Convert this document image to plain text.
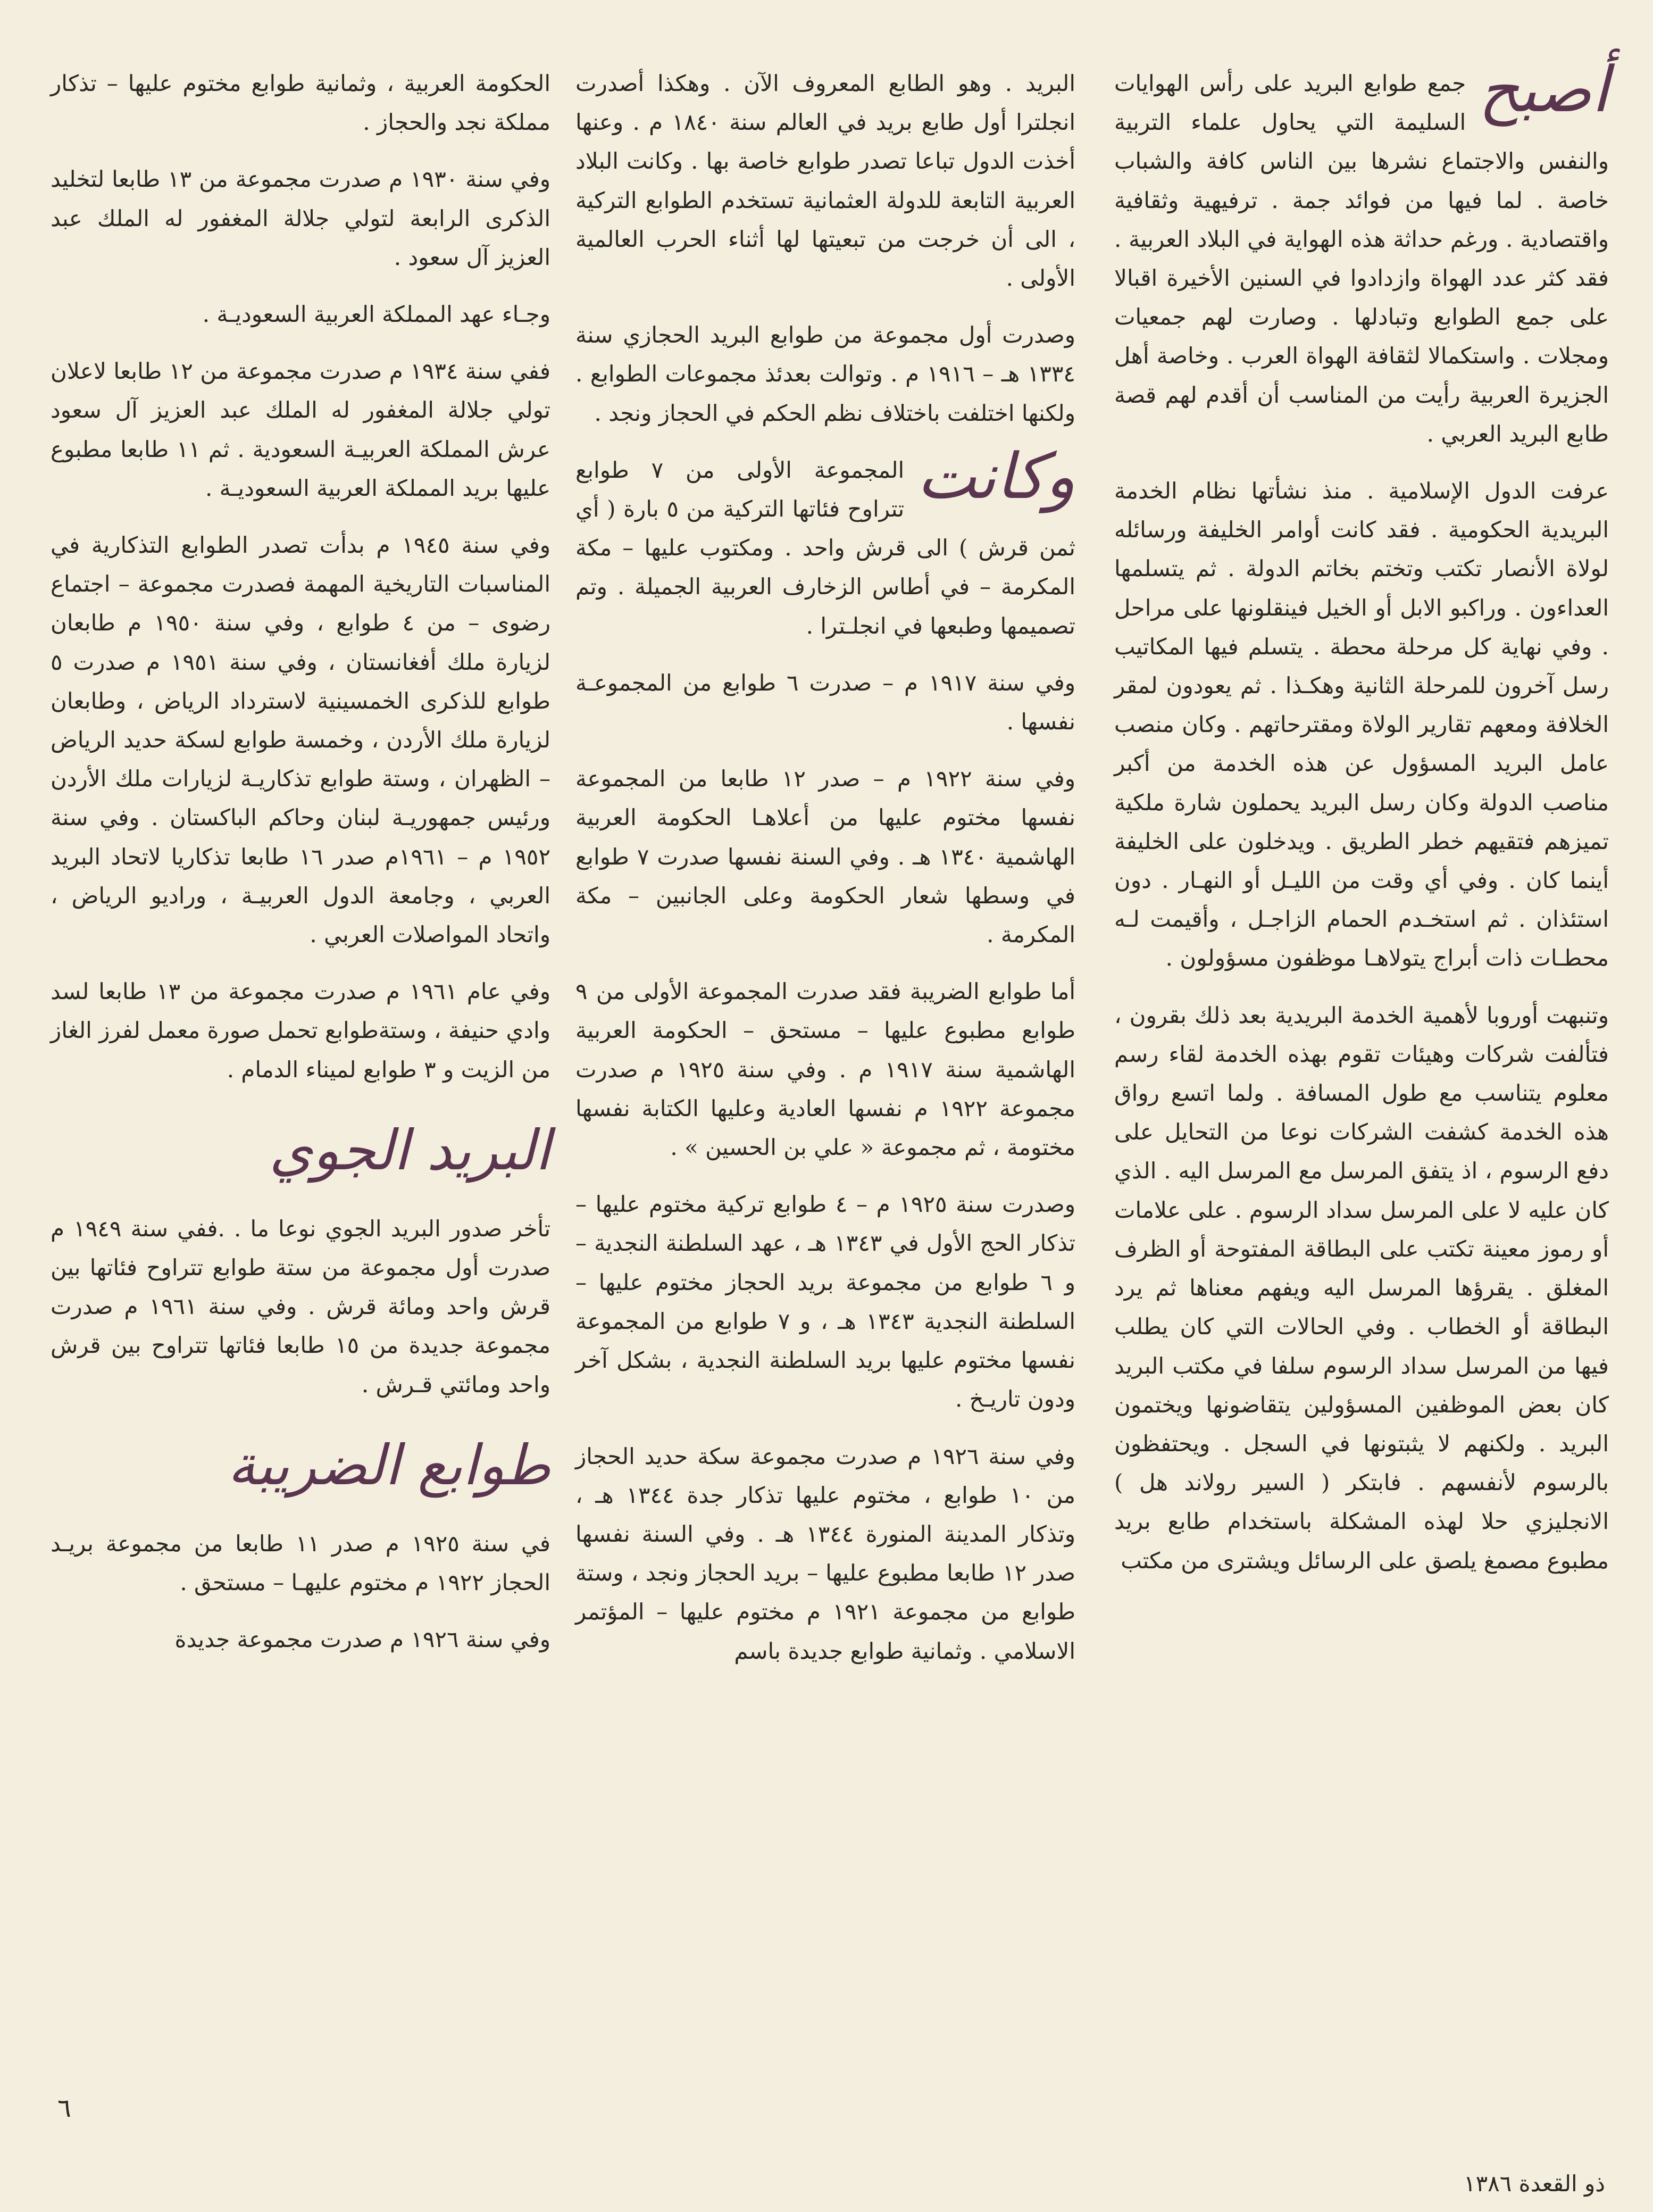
أصبح
جمع طوابع البريد على رأس الهوايات السليمة التي يحاول علماء التربية والنفس والاجتماع نشرها بين الناس كافة والشباب خاصة . لما فيها من فوائد جمة . ترفيهية وثقافية واقتصادية . ورغم حداثة هذه الهواية في البلاد العربية . فقد كثر عدد الهواة وازدادوا في السنين الأخيرة اقبالا على جمع الطوابع وتبادلها . وصارت لهم جمعيات ومجلات . واستكمالا لثقافة الهواة العرب . وخاصة أهل الجزيرة العربية رأيت من المناسب أن أقدم لهم قصة طابع البريد العربي .

عرفت الدول الإسلامية . منذ نشأتها نظام الخدمة البريدية الحكومية . فقد كانت أوامر الخليفة ورسائله لولاة الأنصار تكتب وتختم بخاتم الدولة . ثم يتسلمها العداءون . وراكبو الابل أو الخيل فينقلونها على مراحل . وفي نهاية كل مرحلة محطة . يتسلم فيها المكاتيب رسل آخرون للمرحلة الثانية وهكـذا . ثم يعودون لمقر الخلافة ومعهم تقارير الولاة ومقترحاتهم . وكان منصب عامل البريد المسؤول عن هذه الخدمة من أكبر مناصب الدولة وكان رسل البريد يحملون شارة ملكية تميزهم فتقيهم خطر الطريق . ويدخلون على الخليفة أينما كان . وفي أي وقت من الليـل أو النهـار . دون استئذان . ثم استخـدم الحمام الزاجـل ، وأقيمت لـه محطـات ذات أبراج يتولاهـا موظفون مسؤولون .

وتنبهت أوروبا لأهمية الخدمة البريدية بعد ذلك بقرون ، فتألفت شركات وهيئات تقوم بهذه الخدمة لقاء رسم معلوم يتناسب مع طول المسافة . ولما اتسع رواق هذه الخدمة كشفت الشركات نوعا من التحايل على دفع الرسوم ، اذ يتفق المرسل مع المرسل اليه . الذي كان عليه لا على المرسل سداد الرسوم . على علامات أو رموز معينة تكتب على البطاقة المفتوحة أو الظرف المغلق . يقرؤها المرسل اليه ويفهم معناها ثم يرد البطاقة أو الخطاب . وفي الحالات التي كان يطلب فيها من المرسل سداد الرسوم سلفا في مكتب البريد كان بعض الموظفين المسؤولين يتقاضونها ويختمون البريد . ولكنهم لا يثبتونها في السجل . ويحتفظون بالرسوم لأنفسهم . فابتكر ( السير رولاند هل ) الانجليزي حلا لهذه المشكلة باستخدام طابع بريد مطبوع مصمغ يلصق على الرسائل ويشترى من مكتب

البريد . وهو الطابع المعروف الآن . وهكذا أصدرت انجلترا أول طابع بريد في العالم سنة ١٨٤٠ م . وعنها أخذت الدول تباعا تصدر طوابع خاصة بها . وكانت البلاد العربية التابعة للدولة العثمانية تستخدم الطوابع التركية ، الى أن خرجت من تبعيتها لها أثناء الحرب العالمية الأولى .

وصدرت أول مجموعة من طوابع البريد الحجازي سنة ١٣٣٤ هـ – ١٩١٦ م . وتوالت بعدئذ مجموعات الطوابع . ولكنها اختلفت باختلاف نظم الحكم في الحجاز ونجد .

وكانت
المجموعة الأولى من ٧ طوابع تتراوح فئاتها التركية من ٥ بارة ( أي ثمن قرش ) الى قرش واحد . ومكتوب عليها – مكة المكرمة – في أطاس الزخارف العربية الجميلة . وتم تصميمها وطبعها في انجلـترا .

وفي سنة ١٩١٧ م – صدرت ٦ طوابع من المجموعـة نفسها .

وفي سنة ١٩٢٢ م – صدر ١٢ طابعا من المجموعة نفسها مختوم عليها من أعلاهـا الحكومة العربية الهاشمية ١٣٤٠ هـ . وفي السنة نفسها صدرت ٧ طوابع في وسطها شعار الحكومة وعلى الجانبين – مكة المكرمة .

أما طوابع الضريبة فقد صدرت المجموعة الأولى من ٩ طوابع مطبوع عليها – مستحق – الحكومة العربية الهاشمية سنة ١٩١٧ م . وفي سنة ١٩٢٥ م صدرت مجموعة ١٩٢٢ م نفسها العادية وعليها الكتابة نفسها مختومة ، ثم مجموعة « علي بن الحسين » .

وصدرت سنة ١٩٢٥ م – ٤ طوابع تركية مختوم عليها – تذكار الحج الأول في ١٣٤٣ هـ ، عهد السلطنة النجدية – و ٦ طوابع من مجموعة بريد الحجاز مختوم عليها – السلطنة النجدية ١٣٤٣ هـ ، و ٧ طوابع من المجموعة نفسها مختوم عليها بريد السلطنة النجدية ، بشكل آخر ودون تاريـخ .

وفي سنة ١٩٢٦ م صدرت مجموعة سكة حديد الحجاز من ١٠ طوابع ، مختوم عليها تذكار جدة ١٣٤٤ هـ ، وتذكار المدينة المنورة ١٣٤٤ هـ . وفي السنة نفسها صدر ١٢ طابعا مطبوع عليها – بريد الحجاز ونجد ، وستة طوابع من مجموعة ١٩٢١ م مختوم عليها – المؤتمر الاسلامي . وثمانية طوابع جديدة باسم

الحكومة العربية ، وثمانية طوابع مختوم عليها – تذكار مملكة نجد والحجاز .

وفي سنة ١٩٣٠ م صدرت مجموعة من ١٣ طابعا لتخليد الذكرى الرابعة لتولي جلالة المغفور له الملك عبد العزيز آل سعود .

وجـاء عهد المملكة العربية السعوديـة .

ففي سنة ١٩٣٤ م صدرت مجموعة من ١٢ طابعا لاعلان تولي جلالة المغفور له الملك عبد العزيز آل سعود عرش المملكة العربيـة السعودية . ثم ١١ طابعا مطبوع عليها بريد المملكة العربية السعوديـة .

وفي سنة ١٩٤٥ م بدأت تصدر الطوابع التذكارية في المناسبات التاريخية المهمة فصدرت مجموعة – اجتماع رضوى – من ٤ طوابع ، وفي سنة ١٩٥٠ م طابعان لزيارة ملك أفغانستان ، وفي سنة ١٩٥١ م صدرت ٥ طوابع للذكرى الخمسينية لاسترداد الرياض ، وطابعان لزيارة ملك الأردن ، وخمسة طوابع لسكة حديد الرياض – الظهران ، وستة طوابع تذكاريـة لزيارات ملك الأردن ورئيس جمهوريـة لبنان وحاكم الباكستان . وفي سنة ١٩٥٢ م – ١٩٦١م صدر ١٦ طابعا تذكاريا لاتحاد البريد العربي ، وجامعة الدول العربيـة ، وراديو الرياض ، واتحاد المواصلات العربي .

وفي عام ١٩٦١ م صدرت مجموعة من ١٣ طابعا لسد وادي حنيفة ، وستةطوابع تحمل صورة معمل لفرز الغاز من الزيت و ٣ طوابع لميناء الدمام .

البريد الجوي

تأخر صدور البريد الجوي نوعا ما . .ففي سنة ١٩٤٩ م صدرت أول مجموعة من ستة طوابع تتراوح فئاتها بين قرش واحد ومائة قرش . وفي سنة ١٩٦١ م صدرت مجموعة جديدة من ١٥ طابعا فئاتها تتراوح بين قرش واحد ومائتي قـرش .

طوابع الضريبة

في سنة ١٩٢٥ م صدر ١١ طابعا من مجموعة بريـد الحجاز ١٩٢٢ م مختوم عليهـا – مستحق .

وفي سنة ١٩٢٦ م صدرت مجموعة جديدة

٦
ذو القعدة ١٣٨٦
